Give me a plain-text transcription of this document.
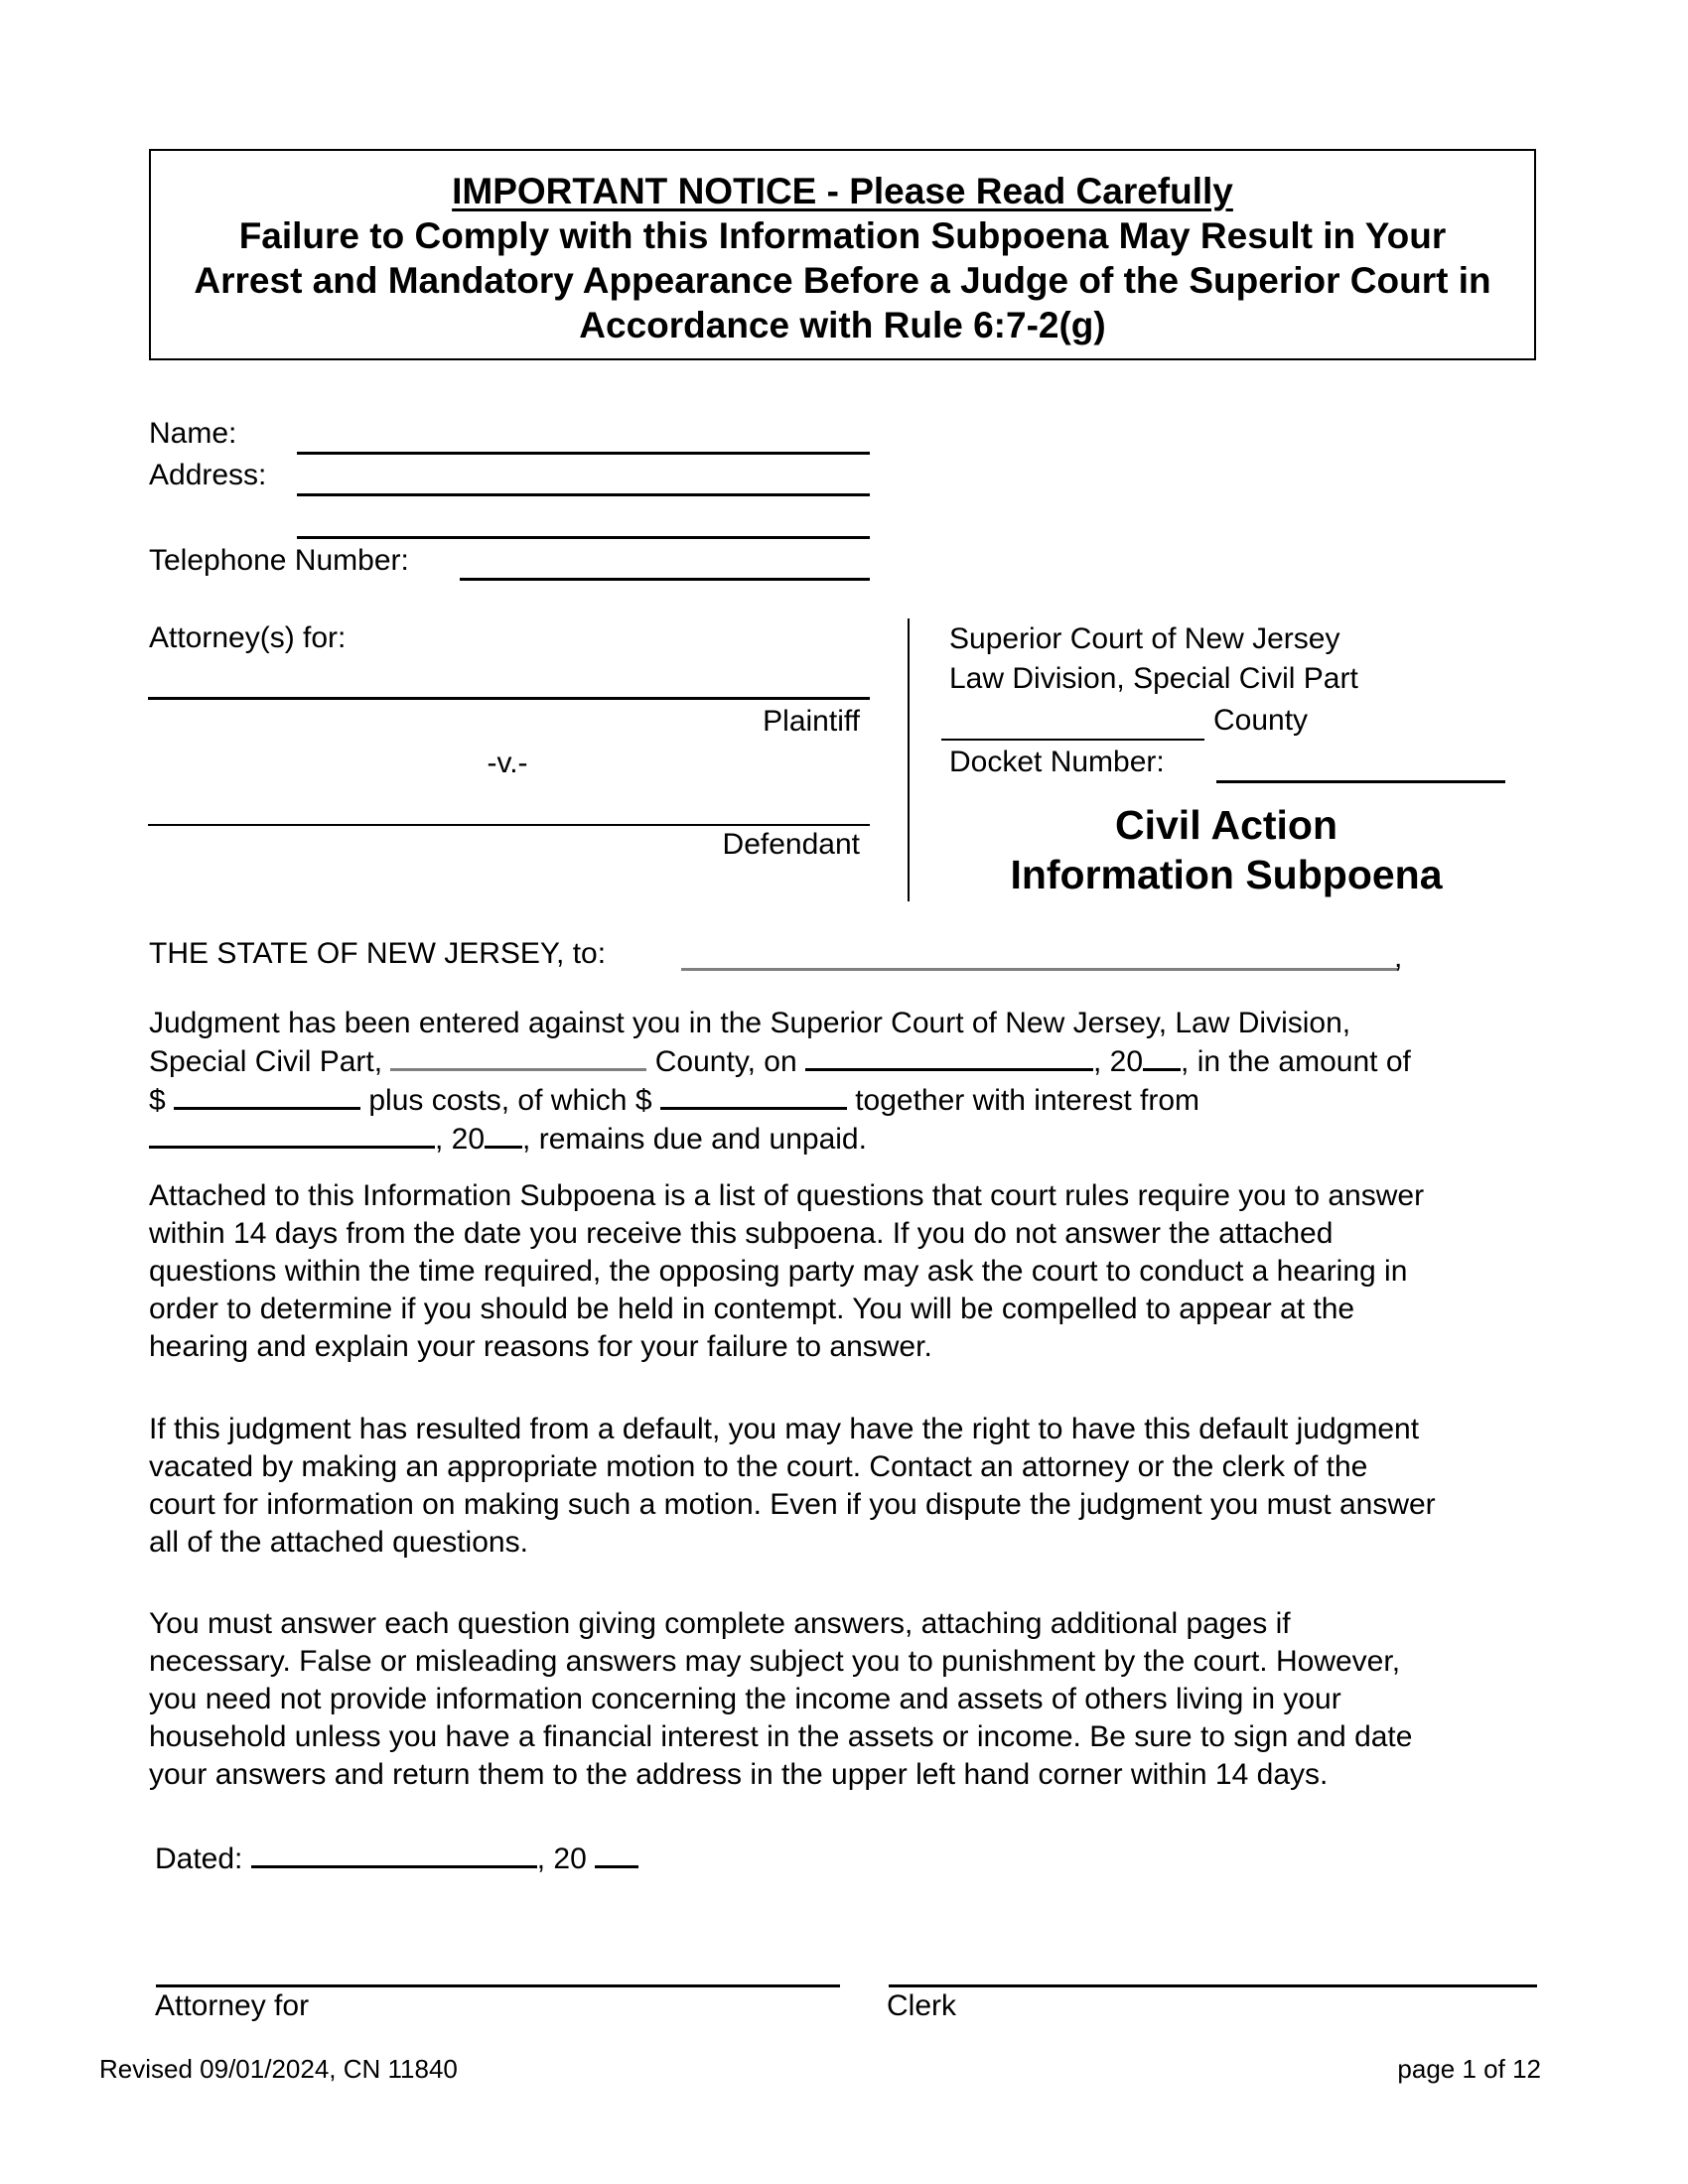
IMPORTANT NOTICE - Please Read Carefully
Failure to Comply with this Information Subpoena May Result in Your
Arrest and Mandatory Appearance Before a Judge of the Superior Court in
Accordance with Rule 6:7-2(g)
Name:
Address:
Telephone Number:
Attorney(s) for:
Plaintiff
-v.-
Defendant
Superior Court of New Jersey
Law Division, Special Civil Part
County
Docket Number:
Civil Action
Information Subpoena
THE STATE OF NEW JERSEY, to:	,
Judgment has been entered against you in the Superior Court of New Jersey, Law Division,
Special Civil Part,	County, on	, 20 , in the amount of
$	plus costs, of which $	together with interest from
, 20 , remains due and unpaid.
Attached to this Information Subpoena is a list of questions that court rules require you to answer
within 14 days from the date you receive this subpoena. If you do not answer the attached
questions within the time required, the opposing party may ask the court to conduct a hearing in
order to determine if you should be held in contempt. You will be compelled to appear at the
hearing and explain your reasons for your failure to answer.
If this judgment has resulted from a default, you may have the right to have this default judgment
vacated by making an appropriate motion to the court. Contact an attorney or the clerk of the
court for information on making such a motion. Even if you dispute the judgment you must answer
all of the attached questions.
You must answer each question giving complete answers, attaching additional pages if
necessary. False or misleading answers may subject you to punishment by the court. However,
you need not provide information concerning the income and assets of others living in your
household unless you have a financial interest in the assets or income. Be sure to sign and date
your answers and return them to the address in the upper left hand corner within 14 days.
Dated:	, 20
Attorney for	Clerk
Revised 09/01/2024, CN 11840	page 1 of 12
